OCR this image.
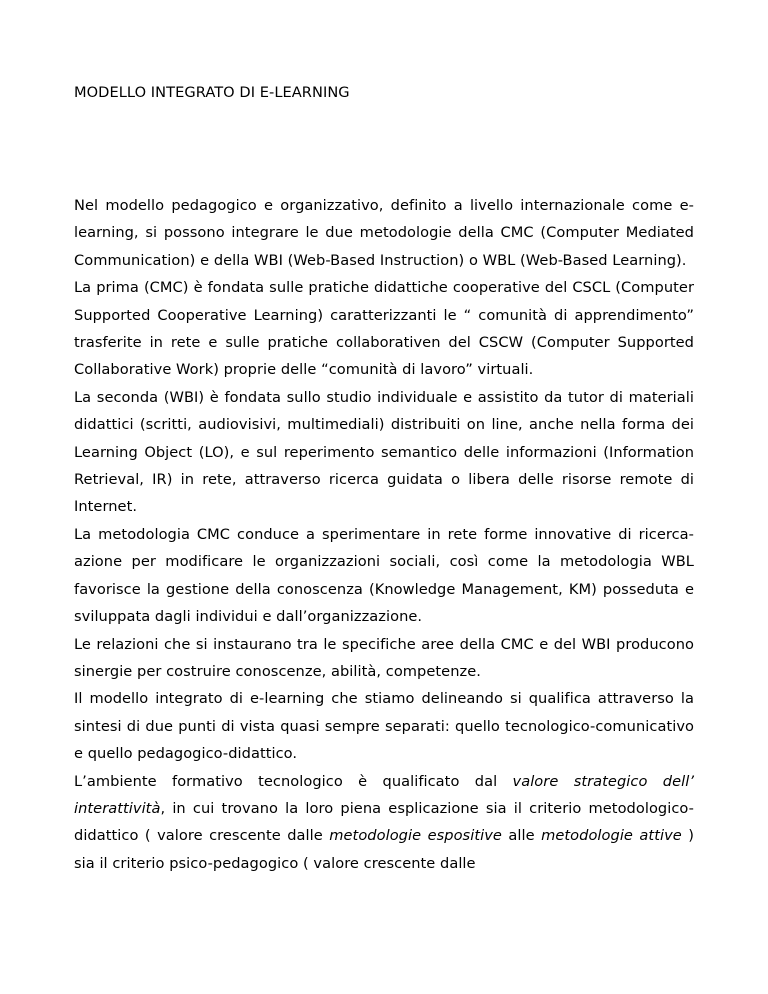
MODELLO INTEGRATO DI E-LEARNING

Nel modello pedagogico e organizzativo, definito a livello internazionale come e-learning, si possono integrare le due metodologie della CMC (Computer Mediated Communication) e della WBI (Web-Based Instruction) o WBL (Web-Based Learning).

La prima (CMC) è fondata sulle pratiche didattiche cooperative del CSCL (Computer Supported Cooperative Learning) caratterizzanti le “ comunità di apprendimento” trasferite in rete e sulle pratiche collaborativen del CSCW (Computer Supported Collaborative Work) proprie delle “comunità di lavoro” virtuali.

La seconda (WBI) è fondata sullo studio individuale e assistito da tutor di materiali didattici (scritti, audiovisivi, multimediali) distribuiti on line, anche nella forma dei Learning Object (LO), e sul reperimento semantico delle informazioni (Information Retrieval, IR) in rete, attraverso ricerca guidata o libera delle risorse remote di Internet.

La metodologia CMC conduce a sperimentare in rete forme innovative di ricerca-azione per modificare le organizzazioni sociali, così come la metodologia WBL favorisce la gestione della conoscenza (Knowledge Management, KM) posseduta e sviluppata dagli individui e dall’organizzazione.

Le relazioni che si instaurano tra le specifiche aree della CMC e del WBI producono sinergie per costruire conoscenze, abilità, competenze.

Il modello integrato di e-learning che stiamo delineando si qualifica attraverso la sintesi di due punti di vista quasi sempre separati: quello tecnologico-comunicativo e quello pedagogico-didattico.

L’ambiente formativo tecnologico è qualificato dal valore strategico dell’ interattività, in cui trovano la loro piena esplicazione sia il criterio metodologico-didattico ( valore crescente dalle metodologie espositive alle metodologie attive ) sia il criterio psico-pedagogico ( valore crescente dalle
